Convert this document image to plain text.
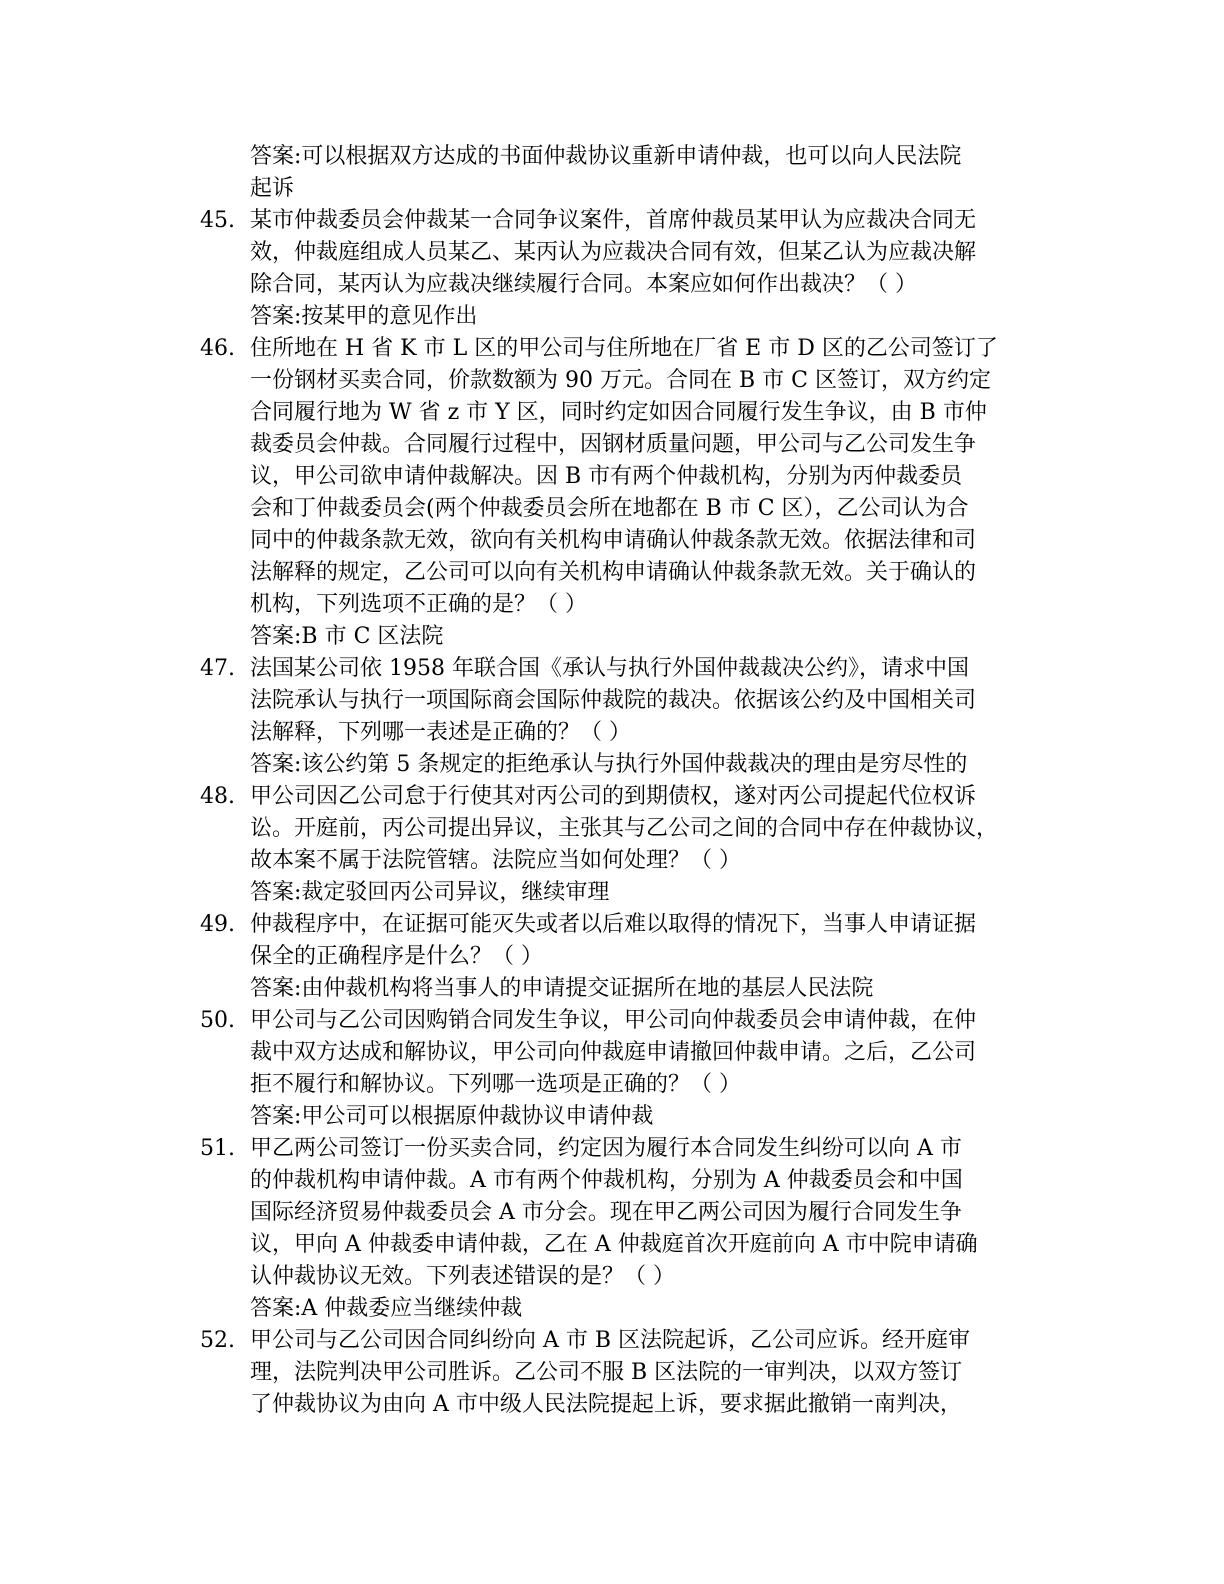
答案:可以根据双方达成的书面仲裁协议重新申请仲裁，也可以向人民法院
起诉
45. 某市仲裁委员会仲裁某一合同争议案件，首席仲裁员某甲认为应裁决合同无
效，仲裁庭组成人员某乙、某丙认为应裁决合同有效，但某乙认为应裁决解
除合同，某丙认为应裁决继续履行合同。本案应如何作出裁决？（ ）
答案:按某甲的意见作出
46. 住所地在 H 省 K 市 L 区的甲公司与住所地在厂省 E 市 D 区的乙公司签订了
一份钢材买卖合同，价款数额为 90 万元。合同在 B 市 C 区签订，双方约定
合同履行地为 W 省 z 市 Y 区，同时约定如因合同履行发生争议，由 B 市仲
裁委员会仲裁。合同履行过程中，因钢材质量问题，甲公司与乙公司发生争
议，甲公司欲申请仲裁解决。因 B 市有两个仲裁机构，分别为丙仲裁委员
会和丁仲裁委员会(两个仲裁委员会所在地都在 B 市 C 区），乙公司认为合
同中的仲裁条款无效，欲向有关机构申请确认仲裁条款无效。依据法律和司
法解释的规定，乙公司可以向有关机构申请确认仲裁条款无效。关于确认的
机构，下列选项不正确的是？（ ）
答案:B 市 C 区法院
47. 法国某公司依 1958 年联合国《承认与执行外国仲裁裁决公约》，请求中国
法院承认与执行一项国际商会国际仲裁院的裁决。依据该公约及中国相关司
法解释，下列哪一表述是正确的？（ ）
答案:该公约第 5 条规定的拒绝承认与执行外国仲裁裁决的理由是穷尽性的
48. 甲公司因乙公司怠于行使其对丙公司的到期债权，遂对丙公司提起代位权诉
讼。开庭前，丙公司提出异议，主张其与乙公司之间的合同中存在仲裁协议，
故本案不属于法院管辖。法院应当如何处理？（ ）
答案:裁定驳回丙公司异议，继续审理
49. 仲裁程序中，在证据可能灭失或者以后难以取得的情况下，当事人申请证据
保全的正确程序是什么？（ ）
答案:由仲裁机构将当事人的申请提交证据所在地的基层人民法院
50. 甲公司与乙公司因购销合同发生争议，甲公司向仲裁委员会申请仲裁，在仲
裁中双方达成和解协议，甲公司向仲裁庭申请撤回仲裁申请。之后，乙公司
拒不履行和解协议。下列哪一选项是正确的？（ ）
答案:甲公司可以根据原仲裁协议申请仲裁
51. 甲乙两公司签订一份买卖合同，约定因为履行本合同发生纠纷可以向 A 市
的仲裁机构申请仲裁。A 市有两个仲裁机构，分别为 A 仲裁委员会和中国
国际经济贸易仲裁委员会 A 市分会。现在甲乙两公司因为履行合同发生争
议，甲向 A 仲裁委申请仲裁，乙在 A 仲裁庭首次开庭前向 A 市中院申请确
认仲裁协议无效。下列表述错误的是？（ ）
答案:A 仲裁委应当继续仲裁
52. 甲公司与乙公司因合同纠纷向 A 市 B 区法院起诉，乙公司应诉。经开庭审
理，法院判决甲公司胜诉。乙公司不服 B 区法院的一审判决，以双方签订
了仲裁协议为由向 A 市中级人民法院提起上诉，要求据此撤销一南判决，
